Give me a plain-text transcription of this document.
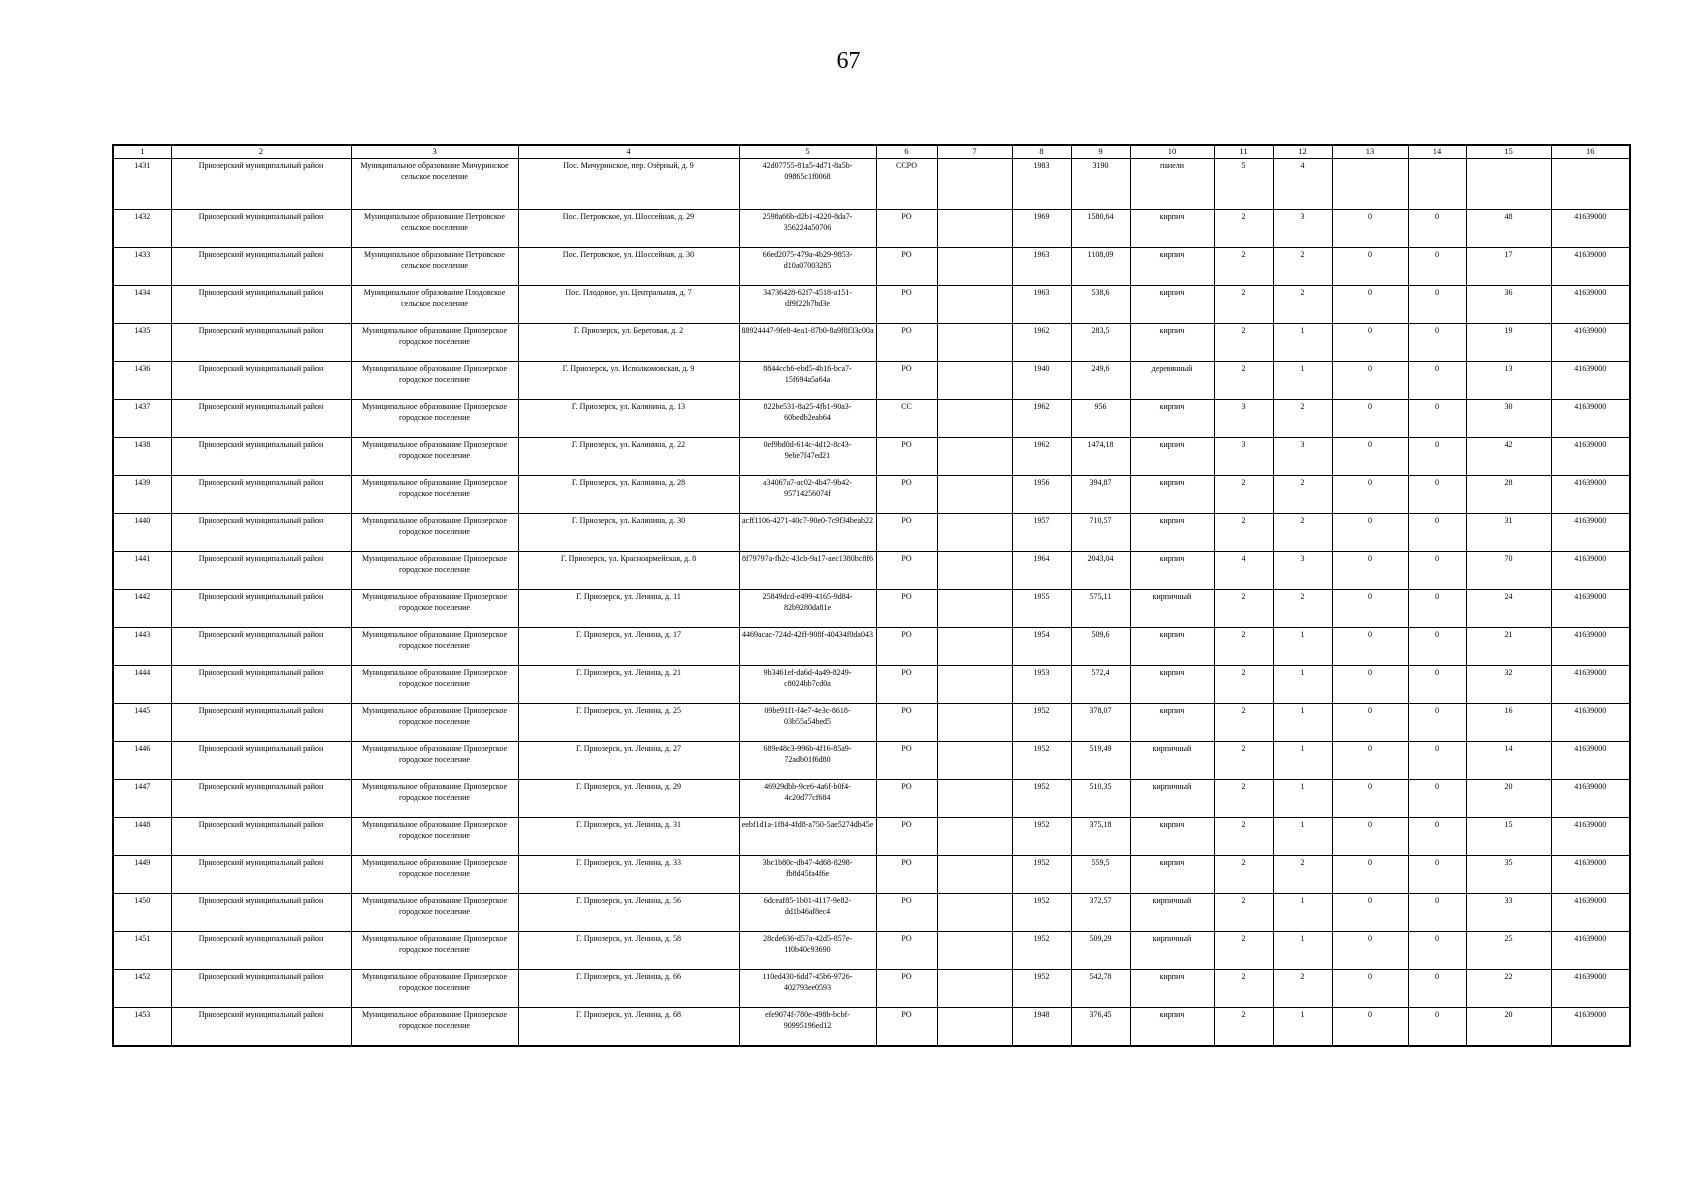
67
1	2	3	4	5	6	7	8	9	10	11	12	13	14	15	16
1431	Приозерский муниципальный район	Муниципальное образование Мичуринское сельское поселение	Пос. Мичуринское, пер. Озёрный, д. 9	42d07755-81a5-4d71-8a5b-09865c1f0068	ССРО		1983	3190	панели	5	4				
1432	Приозерский муниципальный район	Муниципальное образование Петровское сельское поселение	Пос. Петровское, ул. Шоссейная, д. 29	2598a66b-d2b1-4220-8da7-356224a50706	РО		1969	1580,64	кирпич	2	3	0	0	48	41639000
1433	Приозерский муниципальный район	Муниципальное образование Петровское сельское поселение	Пос. Петровское, ул. Шоссейная, д. 30	66ed2075-479a-4b29-9853-d10a07003285	РО		1963	1108,09	кирпич	2	2	0	0	17	41639000
1434	Приозерский муниципальный район	Муниципальное образование Плодовское сельское поселение	Пос. Плодовое, ул. Центральная, д. 7	34736428-62f7-4518-a151-df9f22b7bd3e	РО		1963	538,6	кирпич	2	2	0	0	36	41639000
1435	Приозерский муниципальный район	Муниципальное образование Приозерское городское поселение	Г. Приозерск, ул. Береговая, д. 2	88924447-9fe8-4ea1-87b0-8a9f8f33c00a	РО		1962	283,5	кирпич	2	1	0	0	19	41639000
1436	Приозерский муниципальный район	Муниципальное образование Приозерское городское поселение	Г. Приозерск, ул. Исполкомовская, д. 9	8844ccb6-ebd5-4b16-bca7-15f694a5a64a	РО		1940	249,6	деревянный	2	1	0	0	13	41639000
1437	Приозерский муниципальный район	Муниципальное образование Приозерское городское поселение	Г. Приозерск, ул. Калинина, д. 13	822be531-8a25-4fb1-90a3-60bedb2eab64	СС		1962	956	кирпич	3	2	0	0	30	41639000
1438	Приозерский муниципальный район	Муниципальное образование Приозерское городское поселение	Г. Приозерск, ул. Калинина, д. 22	0ef9bd0d-614c-4d12-8c43-9ebe7f47ed21	РО		1962	1474,18	кирпич	3	3	0	0	42	41639000
1439	Приозерский муниципальный район	Муниципальное образование Приозерское городское поселение	Г. Приозерск, ул. Калинина, д. 28	a34067a7-ac02-4b47-9b42-95714256074f	РО		1956	394,87	кирпич	2	2	0	0	28	41639000
1440	Приозерский муниципальный район	Муниципальное образование Приозерское городское поселение	Г. Приозерск, ул. Калинина, д. 30	acff1106-4271-40c7-90e0-7c9f34beab22	РО		1957	710,57	кирпич	2	2	0	0	31	41639000
1441	Приозерский муниципальный район	Муниципальное образование Приозерское городское поселение	Г. Приозерск, ул. Красноармейская, д. 8	8f79797a-fb2c-43cb-9a17-aec1380bc8f6	РО		1964	2043,04	кирпич	4	3	0	0	70	41639000
1442	Приозерский муниципальный район	Муниципальное образование Приозерское городское поселение	Г. Приозерск, ул. Ленина, д. 11	25849dcd-e499-4165-9d84-82b9280da81e	РО		1955	575,11	кирпичный	2	2	0	0	24	41639000
1443	Приозерский муниципальный район	Муниципальное образование Приозерское городское поселение	Г. Приозерск, ул. Ленина, д. 17	4469acac-724d-42ff-908f-40434f0da043	РО		1954	509,6	кирпич	2	1	0	0	21	41639000
1444	Приозерский муниципальный район	Муниципальное образование Приозерское городское поселение	Г. Приозерск, ул. Ленина, д. 21	9b3461ef-da6d-4a49-8249-c8024bb7cd0a	РО		1953	572,4	кирпич	2	1	0	0	32	41639000
1445	Приозерский муниципальный район	Муниципальное образование Приозерское городское поселение	Г. Приозерск, ул. Ленина, д. 25	09be91f1-f4e7-4e3c-8618-03b55a54bed5	РО		1952	378,07	кирпич	2	1	0	0	16	41639000
1446	Приозерский муниципальный район	Муниципальное образование Приозерское городское поселение	Г. Приозерск, ул. Ленина, д. 27	689e48c3-996b-4f16-85a9-72adb01f6d80	РО		1952	519,49	кирпичный	2	1	0	0	14	41639000
1447	Приозерский муниципальный район	Муниципальное образование Приозерское городское поселение	Г. Приозерск, ул. Ленина, д. 29	46929dbb-9ce6-4a6f-b0f4-4c20d77cf684	РО		1952	510,35	кирпичный	2	1	0	0	20	41639000
1448	Приозерский муниципальный район	Муниципальное образование Приозерское городское поселение	Г. Приозерск, ул. Ленина, д. 31	eebf1d1a-1f84-4fd8-a750-5ae5274db45e	РО		1952	375,18	кирпич	2	1	0	0	15	41639000
1449	Приозерский муниципальный район	Муниципальное образование Приозерское городское поселение	Г. Приозерск, ул. Ленина, д. 33	3bc1b80c-db47-4d68-8298-fb8d45fa4f6e	РО		1952	559,5	кирпич	2	2	0	0	35	41639000
1450	Приозерский муниципальный район	Муниципальное образование Приозерское городское поселение	Г. Приозерск, ул. Ленина, д. 56	6dceaf85-1b01-4117-9e82-dd1b46af8ec4	РО		1952	372,57	кирпичный	2	1	0	0	33	41639000
1451	Приозерский муниципальный район	Муниципальное образование Приозерское городское поселение	Г. Приозерск, ул. Ленина, д. 58	28cde636-d57a-42d5-857e-1f0b40c93690	РО		1952	509,29	кирпичный	2	1	0	0	25	41639000
1452	Приозерский муниципальный район	Муниципальное образование Приозерское городское поселение	Г. Приозерск, ул. Ленина, д. 66	110ed430-6dd7-45b6-9726-402793ee0593	РО		1952	542,78	кирпич	2	2	0	0	22	41639000
1453	Приозерский муниципальный район	Муниципальное образование Приозерское городское поселение	Г. Приозерск, ул. Ленина, д. 68	efe9074f-780e-498b-bcbf-90995196ed12	РО		1948	376,45	кирпич	2	1	0	0	20	41639000
